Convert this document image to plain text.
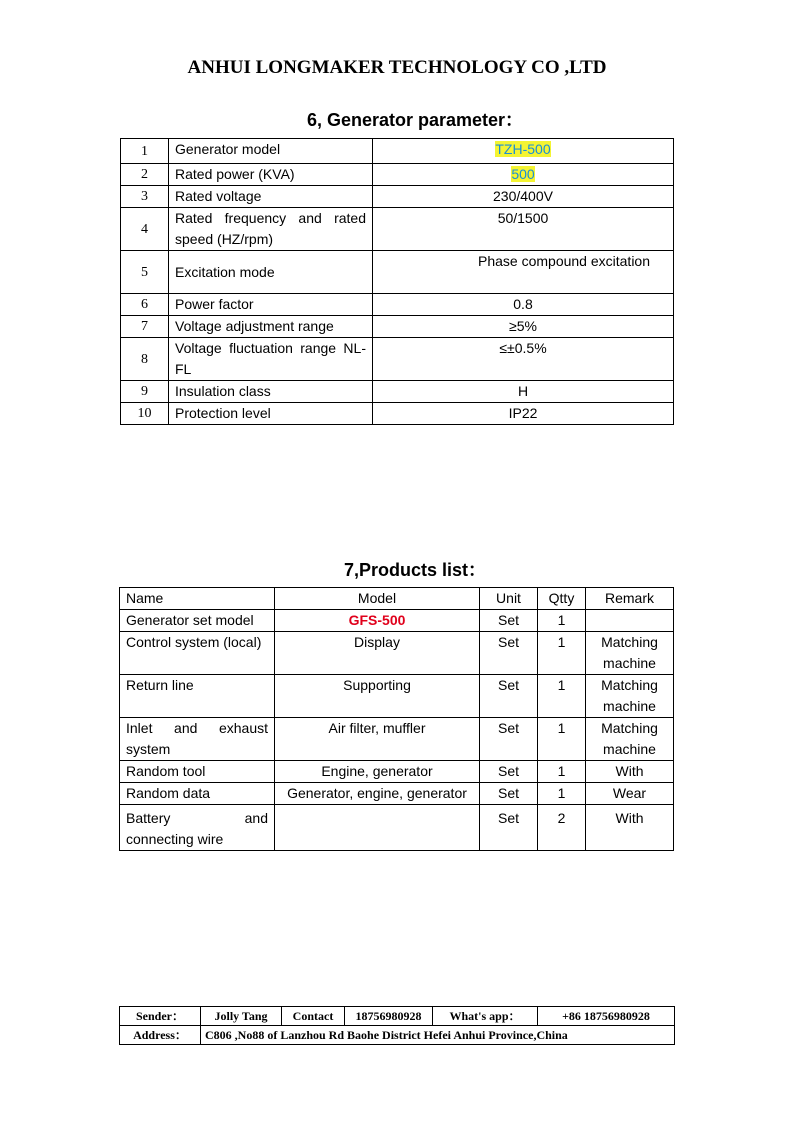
ANHUI LONGMAKER TECHNOLOGY CO ,LTD
6, Generator parameter：
1	Generator model	TZH-500
2	Rated power (KVA)	500
3	Rated voltage	230/400V
4	Rated frequency and rated speed (HZ/rpm)	50/1500
5	Excitation mode	Phase compound excitation
6	Power factor	0.8
7	Voltage adjustment range	≥5%
8	Voltage fluctuation range NL-FL	≤±0.5%
9	Insulation class	H
10	Protection level	IP22
7,Products list：
Name	Model	Unit	Qtty	Remark
Generator set model	GFS-500	Set	1	
Control system (local)	Display	Set	1	Matching machine
Return line	Supporting	Set	1	Matching machine
Inlet and exhaust system	Air filter, muffler	Set	1	Matching machine
Random tool	Engine, generator	Set	1	With
Random data	Generator, engine, generator	Set	1	Wear
Battery and connecting wire		Set	2	With
Sender：	Jolly Tang	Contact	18756980928	What's app：	+86 18756980928
Address：	C806 ,No88 of Lanzhou Rd Baohe District Hefei Anhui Province,China				
